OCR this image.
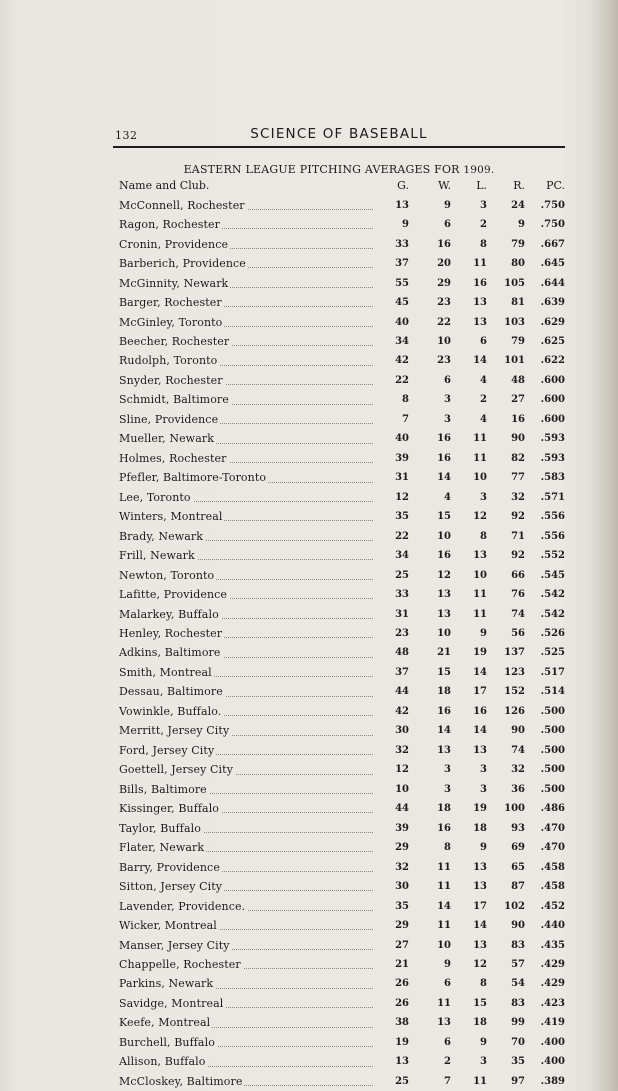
132	SCIENCE OF BASEBALL
EASTERN LEAGUE PITCHING AVERAGES FOR 1909.
Name and Club.	G.	W.	L.	R.	PC.

McConnell, Rochester	13	9	3	24	.750

Ragon, Rochester	9	6	2	9	.750

Cronin, Providence	33	16	8	79	.667

Barberich, Providence	37	20	11	80	.645

McGinnity, Newark	55	29	16	105	.644

Barger, Rochester	45	23	13	81	.639

McGinley, Toronto	40	22	13	103	.629

Beecher, Rochester	34	10	6	79	.625

Rudolph, Toronto	42	23	14	101	.622

Snyder, Rochester	22	6	4	48	.600

Schmidt, Baltimore	8	3	2	27	.600

Sline, Providence	7	3	4	16	.600

Mueller, Newark	40	16	11	90	.593

Holmes, Rochester	39	16	11	82	.593

Pfefler, Baltimore-Toronto	31	14	10	77	.583

Lee, Toronto	12	4	3	32	.571

Winters, Montreal	35	15	12	92	.556

Brady, Newark	22	10	8	71	.556

Frill, Newark	34	16	13	92	.552

Newton, Toronto	25	12	10	66	.545

Lafitte, Providence	33	13	11	76	.542

Malarkey, Buffalo	31	13	11	74	.542

Henley, Rochester	23	10	9	56	.526

Adkins, Baltimore	48	21	19	137	.525

Smith, Montreal	37	15	14	123	.517

Dessau, Baltimore	44	18	17	152	.514

Vowinkle, Buffalo.	42	16	16	126	.500

Merritt, Jersey City	30	14	14	90	.500

Ford, Jersey City	32	13	13	74	.500

Goettell, Jersey City	12	3	3	32	.500

Bills, Baltimore	10	3	3	36	.500

Kissinger, Buffalo	44	18	19	100	.486

Taylor, Buffalo	39	16	18	93	.470

Flater, Newark	29	8	9	69	.470

Barry, Providence	32	11	13	65	.458

Sitton, Jersey City	30	11	13	87	.458

Lavender, Providence.	35	14	17	102	.452

Wicker, Montreal	29	11	14	90	.440

Manser, Jersey City	27	10	13	83	.435

Chappelle, Rochester	21	9	12	57	.429

Parkins, Newark	26	6	8	54	.429

Savidge, Montreal	26	11	15	83	.423

Keefe, Montreal	38	13	18	99	.419

Burchell, Buffalo	19	6	9	70	.400

Allison, Buffalo	13	2	3	35	.400

McCloskey, Baltimore	25	7	11	97	.389
